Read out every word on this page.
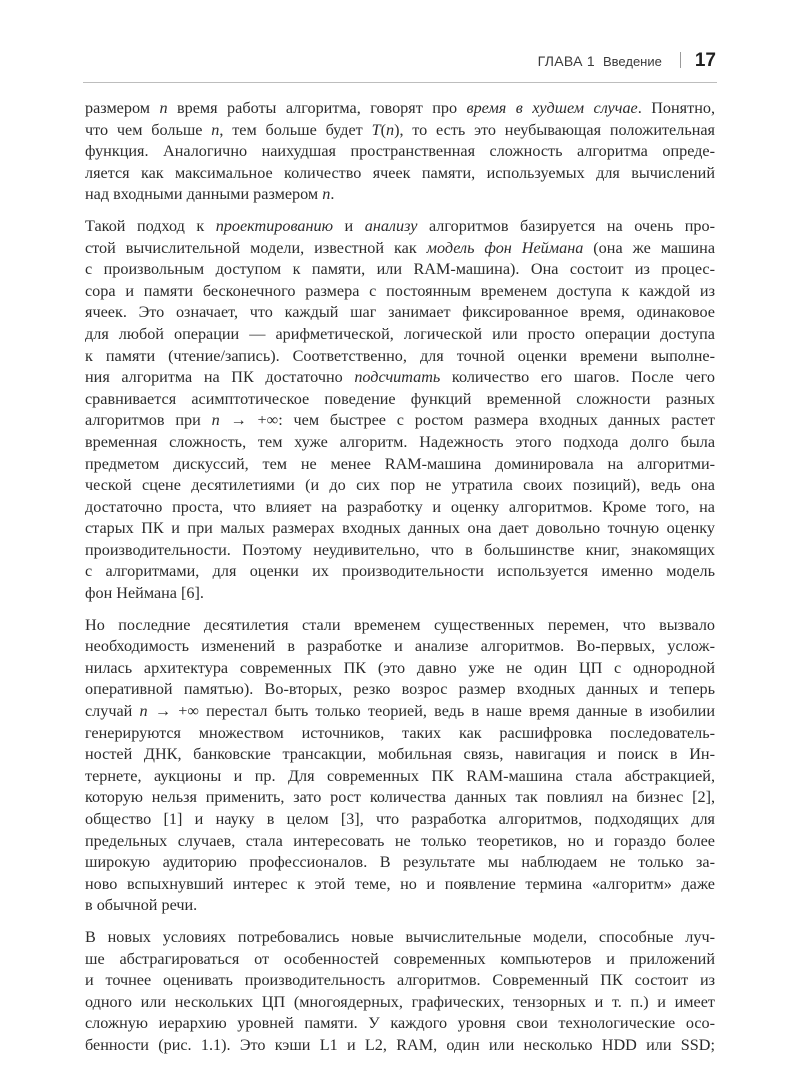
ГЛАВА 1 Введение 17
размером n время работы алгоритма, говорят про время в худшем случае. Понятно,
что чем больше n, тем больше будет T(n), то есть это неубывающая положительная
функция. Аналогично наихудшая пространственная сложность алгоритма опреде-
ляется как максимальное количество ячеек памяти, используемых для вычислений
над входными данными размером n.
Такой подход к проектированию и анализу алгоритмов базируется на очень про-
стой вычислительной модели, известной как модель фон Неймана (она же машина
с произвольным доступом к памяти, или RAM-машина). Она состоит из процес-
сора и памяти бесконечного размера с постоянным временем доступа к каждой из
ячеек. Это означает, что каждый шаг занимает фиксированное время, одинаковое
для любой операции — арифметической, логической или просто операции доступа
к памяти (чтение/запись). Соответственно, для точной оценки времени выполне-
ния алгоритма на ПК достаточно подсчитать количество его шагов. После чего
сравнивается асимптотическое поведение функций временной сложности разных
алгоритмов при n → +∞: чем быстрее с ростом размера входных данных растет
временная сложность, тем хуже алгоритм. Надежность этого подхода долго была
предметом дискуссий, тем не менее RAM-машина доминировала на алгоритми-
ческой сцене десятилетиями (и до сих пор не утратила своих позиций), ведь она
достаточно проста, что влияет на разработку и оценку алгоритмов. Кроме того, на
старых ПК и при малых размерах входных данных она дает довольно точную оценку
производительности. Поэтому неудивительно, что в большинстве книг, знакомящих
с алгоритмами, для оценки их производительности используется именно модель
фон Неймана [6].
Но последние десятилетия стали временем существенных перемен, что вызвало
необходимость изменений в разработке и анализе алгоритмов. Во-первых, услож-
нилась архитектура современных ПК (это давно уже не один ЦП с однородной
оперативной памятью). Во-вторых, резко возрос размер входных данных и теперь
случай n → +∞ перестал быть только теорией, ведь в наше время данные в изобилии
генерируются множеством источников, таких как расшифровка последователь-
ностей ДНК, банковские трансакции, мобильная связь, навигация и поиск в Ин-
тернете, аукционы и пр. Для современных ПК RAM-машина стала абстракцией,
которую нельзя применить, зато рост количества данных так повлиял на бизнес [2],
общество [1] и науку в целом [3], что разработка алгоритмов, подходящих для
предельных случаев, стала интересовать не только теоретиков, но и гораздо более
широкую аудиторию профессионалов. В результате мы наблюдаем не только за-
ново вспыхнувший интерес к этой теме, но и появление термина «алгоритм» даже
в обычной речи.
В новых условиях потребовались новые вычислительные модели, способные луч-
ше абстрагироваться от особенностей современных компьютеров и приложений
и точнее оценивать производительность алгоритмов. Современный ПК состоит из
одного или нескольких ЦП (многоядерных, графических, тензорных и т. п.) и имеет
сложную иерархию уровней памяти. У каждого уровня свои технологические осо-
бенности (рис. 1.1). Это кэши L1 и L2, RAM, один или несколько HDD или SSD;
